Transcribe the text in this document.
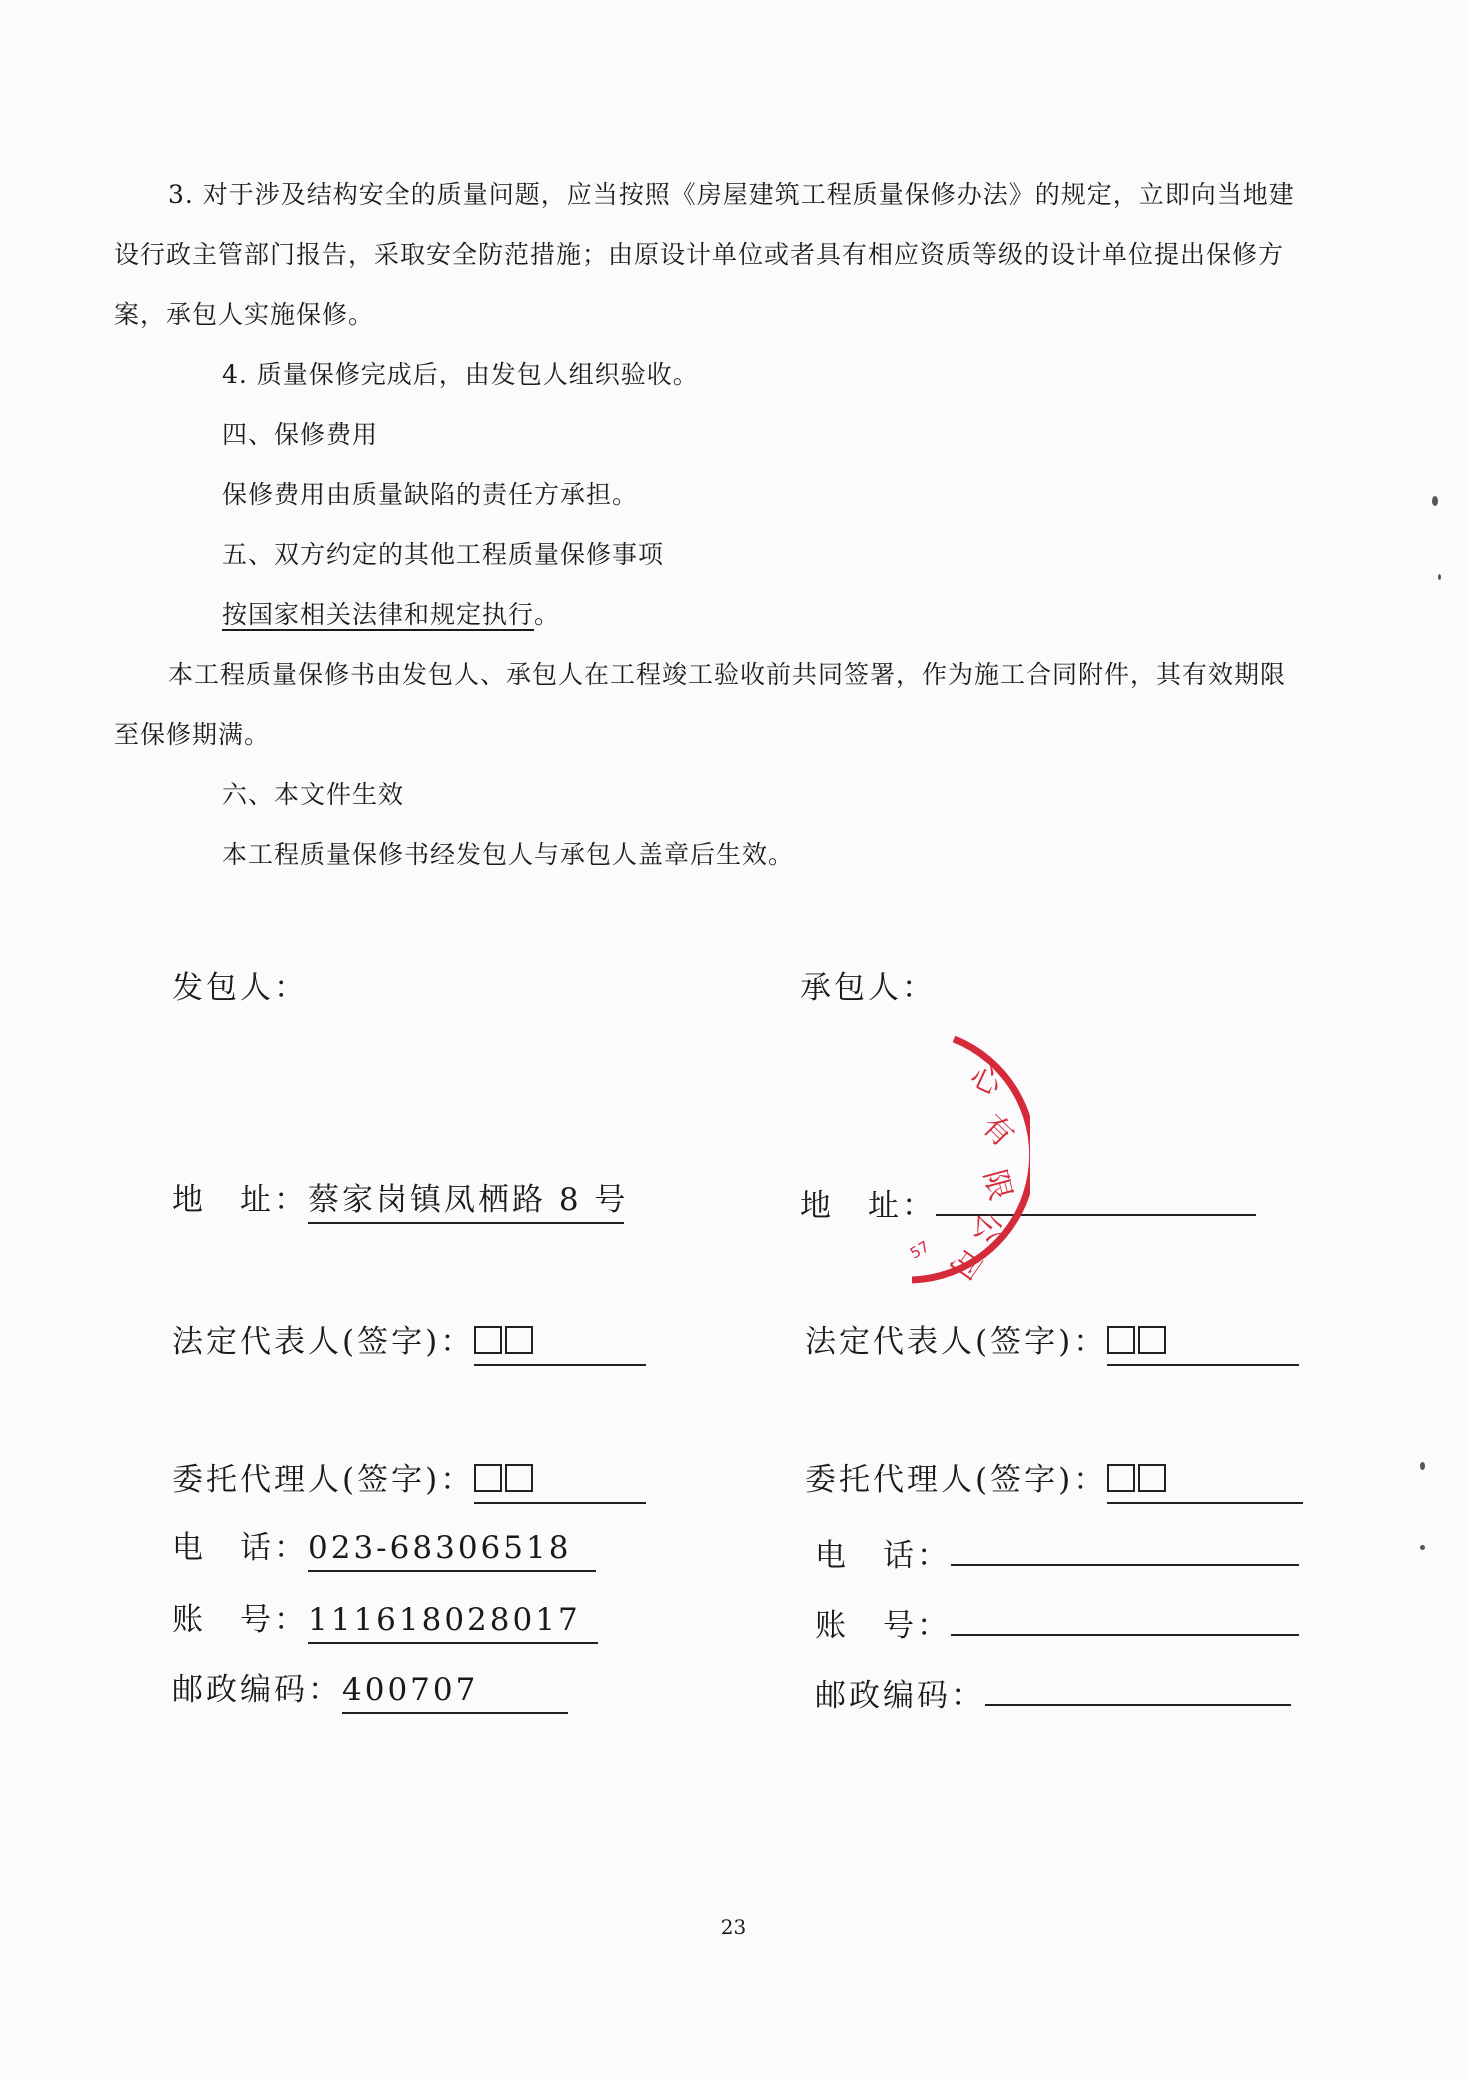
3. 对于涉及结构安全的质量问题，应当按照《房屋建筑工程质量保修办法》的规定，立即向当地建设行政主管部门报告，采取安全防范措施；由原设计单位或者具有相应资质等级的设计单位提出保修方案，承包人实施保修。

4. 质量保修完成后，由发包人组织验收。

四、保修费用

保修费用由质量缺陷的责任方承担。

五、双方约定的其他工程质量保修事项

按国家相关法律和规定执行。

本工程质量保修书由发包人、承包人在工程竣工验收前共同签署，作为施工合同附件，其有效期限至保修期满。

六、本文件生效

本工程质量保修书经发包人与承包人盖章后生效。

发包人：
地　址：蔡家岗镇凤栖路 8 号
法定代表人(签字)：
委托代理人(签字)：
电　话：023-68306518
账　号：111618028017
邮政编码：400707
承包人：
地　址：
法定代表人(签字)：
委托代理人(签字)：
电　话：
账　号：
邮政编码：
心
有
限
公
司
57
23
